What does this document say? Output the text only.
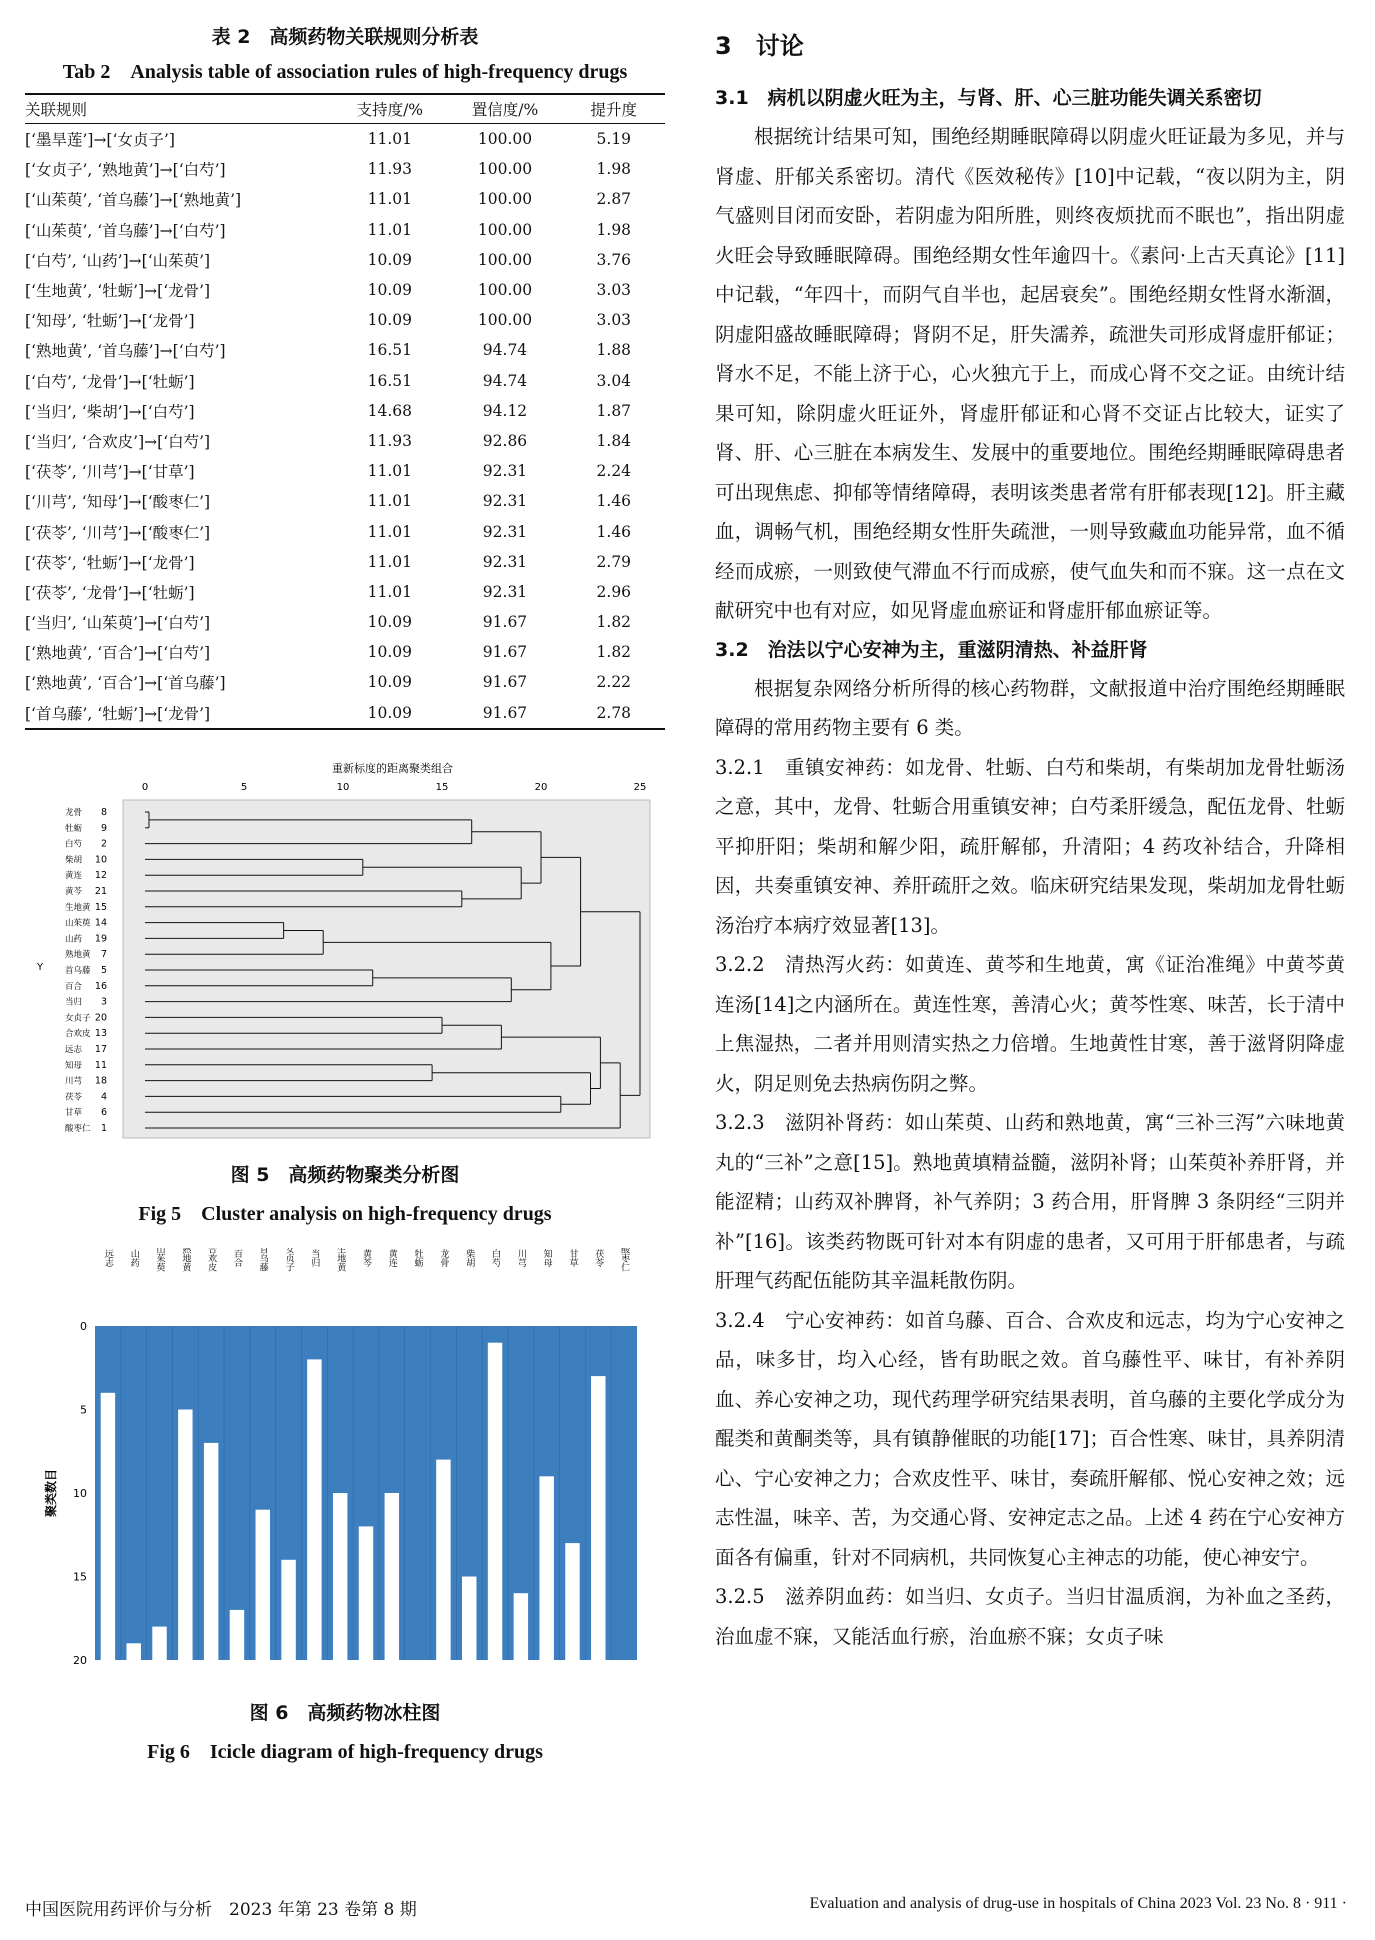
表 2　高频药物关联规则分析表
Tab 2　Analysis table of association rules of high-frequency drugs
关联规则	支持度/%	置信度/%	提升度
[‘墨旱莲’]→[‘女贞子’]	11.01	100.00	5.19
[‘女贞子’, ‘熟地黄’]→[‘白芍’]	11.93	100.00	1.98
[‘山茱萸’, ‘首乌藤’]→[‘熟地黄’]	11.01	100.00	2.87
[‘山茱萸’, ‘首乌藤’]→[‘白芍’]	11.01	100.00	1.98
[‘白芍’, ‘山药’]→[‘山茱萸’]	10.09	100.00	3.76
[‘生地黄’, ‘牡蛎’]→[‘龙骨’]	10.09	100.00	3.03
[‘知母’, ‘牡蛎’]→[‘龙骨’]	10.09	100.00	3.03
[‘熟地黄’, ‘首乌藤’]→[‘白芍’]	16.51	94.74	1.88
[‘白芍’, ‘龙骨’]→[‘牡蛎’]	16.51	94.74	3.04
[‘当归’, ‘柴胡’]→[‘白芍’]	14.68	94.12	1.87
[‘当归’, ‘合欢皮’]→[‘白芍’]	11.93	92.86	1.84
[‘茯苓’, ‘川芎’]→[‘甘草’]	11.01	92.31	2.24
[‘川芎’, ‘知母’]→[‘酸枣仁’]	11.01	92.31	1.46
[‘茯苓’, ‘川芎’]→[‘酸枣仁’]	11.01	92.31	1.46
[‘茯苓’, ‘牡蛎’]→[‘龙骨’]	11.01	92.31	2.79
[‘茯苓’, ‘龙骨’]→[‘牡蛎’]	11.01	92.31	2.96
[‘当归’, ‘山茱萸’]→[‘白芍’]	10.09	91.67	1.82
[‘熟地黄’, ‘百合’]→[‘白芍’]	10.09	91.67	1.82
[‘熟地黄’, ‘百合’]→[‘首乌藤’]	10.09	91.67	2.22
[‘首乌藤’, ‘牡蛎’]→[‘龙骨’]	10.09	91.67	2.78
重新标度的距离聚类组合
0	5	10	15	20	25
龙骨 8
牡蛎 9
白芍 2
柴胡 10
黄连 12
黄芩 21
生地黄 15
山茱萸 14
山药 19
熟地黄 7
首乌藤 5
百合 16
当归 3
女贞子 20
合欢皮 13
远志 17
知母 11
川芎 18
茯苓 4
甘草 6
酸枣仁 1
Y
图 5　高频药物聚类分析图
Fig 5　Cluster analysis on high-frequency drugs
远志 山药 山茱萸 熟地黄 合欢皮 百合 首乌藤 女贞子 当归 生地黄 黄芩 黄连 牡蛎 龙骨 柴胡 白芍 川芎 知母 甘草 茯苓 酸枣仁
0
5
10
15
20
聚类数目
图 6　高频药物冰柱图
Fig 6　Icicle diagram of high-frequency drugs
3　讨论
3.1　病机以阴虚火旺为主，与肾、肝、心三脏功能失调关系密切

根据统计结果可知，围绝经期睡眠障碍以阴虚火旺证最为多见，并与肾虚、肝郁关系密切。清代《医效秘传》[10]中记载，“夜以阴为主，阴气盛则目闭而安卧，若阴虚为阳所胜，则终夜烦扰而不眠也”，指出阴虚火旺会导致睡眠障碍。围绝经期女性年逾四十。《素问·上古天真论》[11]中记载，“年四十，而阴气自半也，起居衰矣”。围绝经期女性肾水渐涸，阴虚阳盛故睡眠障碍；肾阴不足，肝失濡养，疏泄失司形成肾虚肝郁证；肾水不足，不能上济于心，心火独亢于上，而成心肾不交之证。由统计结果可知，除阴虚火旺证外，肾虚肝郁证和心肾不交证占比较大，证实了肾、肝、心三脏在本病发生、发展中的重要地位。围绝经期睡眠障碍患者可出现焦虑、抑郁等情绪障碍，表明该类患者常有肝郁表现[12]。肝主藏血，调畅气机，围绝经期女性肝失疏泄，一则导致藏血功能异常，血不循经而成瘀，一则致使气滞血不行而成瘀，使气血失和而不寐。这一点在文献研究中也有对应，如见肾虚血瘀证和肾虚肝郁血瘀证等。

3.2　治法以宁心安神为主，重滋阴清热、补益肝肾

根据复杂网络分析所得的核心药物群，文献报道中治疗围绝经期睡眠障碍的常用药物主要有 6 类。

3.2.1　重镇安神药：如龙骨、牡蛎、白芍和柴胡，有柴胡加龙骨牡蛎汤之意，其中，龙骨、牡蛎合用重镇安神；白芍柔肝缓急，配伍龙骨、牡蛎平抑肝阳；柴胡和解少阳，疏肝解郁，升清阳；4 药攻补结合，升降相因，共奏重镇安神、养肝疏肝之效。临床研究结果发现，柴胡加龙骨牡蛎汤治疗本病疗效显著[13]。

3.2.2　清热泻火药：如黄连、黄芩和生地黄，寓《证治准绳》中黄芩黄连汤[14]之内涵所在。黄连性寒，善清心火；黄芩性寒、味苦，长于清中上焦湿热，二者并用则清实热之力倍增。生地黄性甘寒，善于滋肾阴降虚火，阴足则免去热病伤阴之弊。

3.2.3　滋阴补肾药：如山茱萸、山药和熟地黄，寓“三补三泻”六味地黄丸的“三补”之意[15]。熟地黄填精益髓，滋阴补肾；山茱萸补养肝肾，并能涩精；山药双补脾肾，补气养阴；3 药合用，肝肾脾 3 条阴经“三阴并补”[16]。该类药物既可针对本有阴虚的患者，又可用于肝郁患者，与疏肝理气药配伍能防其辛温耗散伤阴。

3.2.4　宁心安神药：如首乌藤、百合、合欢皮和远志，均为宁心安神之品，味多甘，均入心经，皆有助眠之效。首乌藤性平、味甘，有补养阴血、养心安神之功，现代药理学研究结果表明，首乌藤的主要化学成分为醌类和黄酮类等，具有镇静催眠的功能[17]；百合性寒、味甘，具养阴清心、宁心安神之力；合欢皮性平、味甘，奏疏肝解郁、悦心安神之效；远志性温，味辛、苦，为交通心肾、安神定志之品。上述 4 药在宁心安神方面各有偏重，针对不同病机，共同恢复心主神志的功能，使心神安宁。

3.2.5　滋养阴血药：如当归、女贞子。当归甘温质润，为补血之圣药，治血虚不寐，又能活血行瘀，治血瘀不寐；女贞子味

中国医院用药评价与分析　2023 年第 23 卷第 8 期	Evaluation and analysis of drug-use in hospitals of China 2023 Vol. 23 No. 8 · 911 ·
